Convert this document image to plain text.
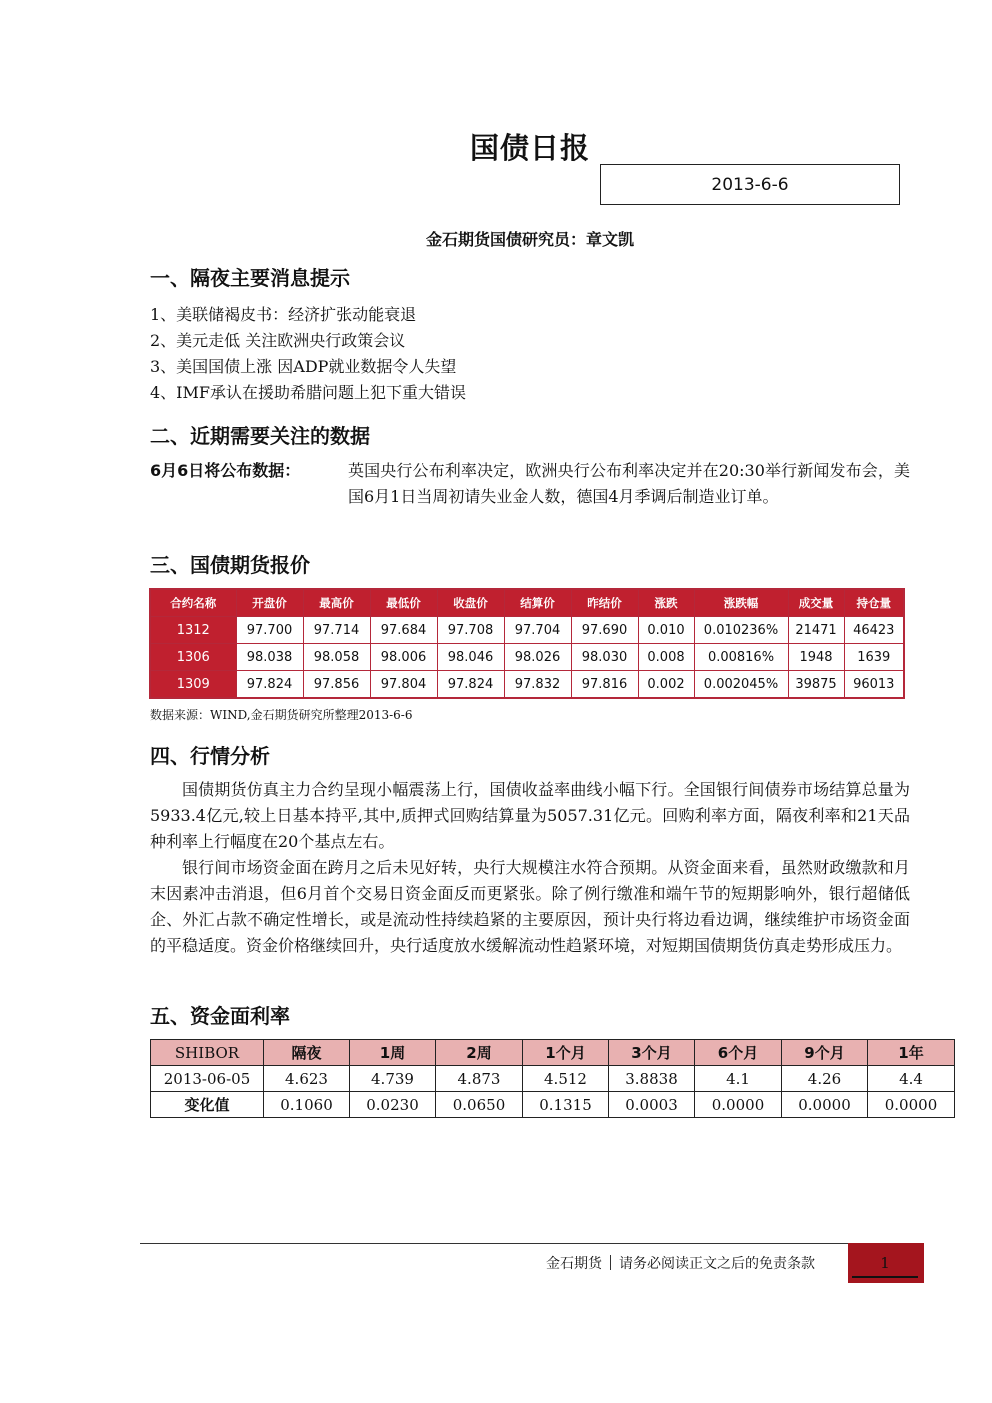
国债日报
2013-6-6
金石期货国债研究员：章文凯
一、隔夜主要消息提示
1、美联储褐皮书：经济扩张动能衰退
2、美元走低 关注欧洲央行政策会议
3、美国国债上涨 因ADP就业数据令人失望
4、IMF承认在援助希腊问题上犯下重大错误
二、近期需要关注的数据
6月6日将公布数据：	英国央行公布利率决定，欧洲央行公布利率决定并在20:30举行新闻发布会，美国6月1日当周初请失业金人数，德国4月季调后制造业订单。
三、国债期货报价
合约名称	开盘价	最高价	最低价	收盘价	结算价	昨结价	涨跌	涨跌幅	成交量	持仓量
1312	97.700	97.714	97.684	97.708	97.704	97.690	0.010	0.010236%	21471	46423
1306	98.038	98.058	98.006	98.046	98.026	98.030	0.008	0.00816%	1948	1639
1309	97.824	97.856	97.804	97.824	97.832	97.816	0.002	0.002045%	39875	96013
数据来源：WIND,金石期货研究所整理2013-6-6
四、行情分析

国债期货仿真主力合约呈现小幅震荡上行，国债收益率曲线小幅下行。全国银行间债券市场结算总量为5933.4亿元,较上日基本持平,其中,质押式回购结算量为5057.31亿元。回购利率方面，隔夜利率和21天品种利率上行幅度在20个基点左右。

银行间市场资金面在跨月之后未见好转，央行大规模注水符合预期。从资金面来看，虽然财政缴款和月末因素冲击消退，但6月首个交易日资金面反而更紧张。除了例行缴准和端午节的短期影响外，银行超储低企、外汇占款不确定性增长，或是流动性持续趋紧的主要原因，预计央行将边看边调，继续维护市场资金面的平稳适度。资金价格继续回升，央行适度放水缓解流动性趋紧环境，对短期国债期货仿真走势形成压力。

五、资金面利率
SHIBOR	隔夜	1周	2周	1个月	3个月	6个月	9个月	1年
2013-06-05	4.623	4.739	4.873	4.512	3.8838	4.1	4.26	4.4
变化值	0.1060	0.0230	0.0650	0.1315	0.0003	0.0000	0.0000	0.0000
金石期货 请务必阅读正文之后的免责条款	1
